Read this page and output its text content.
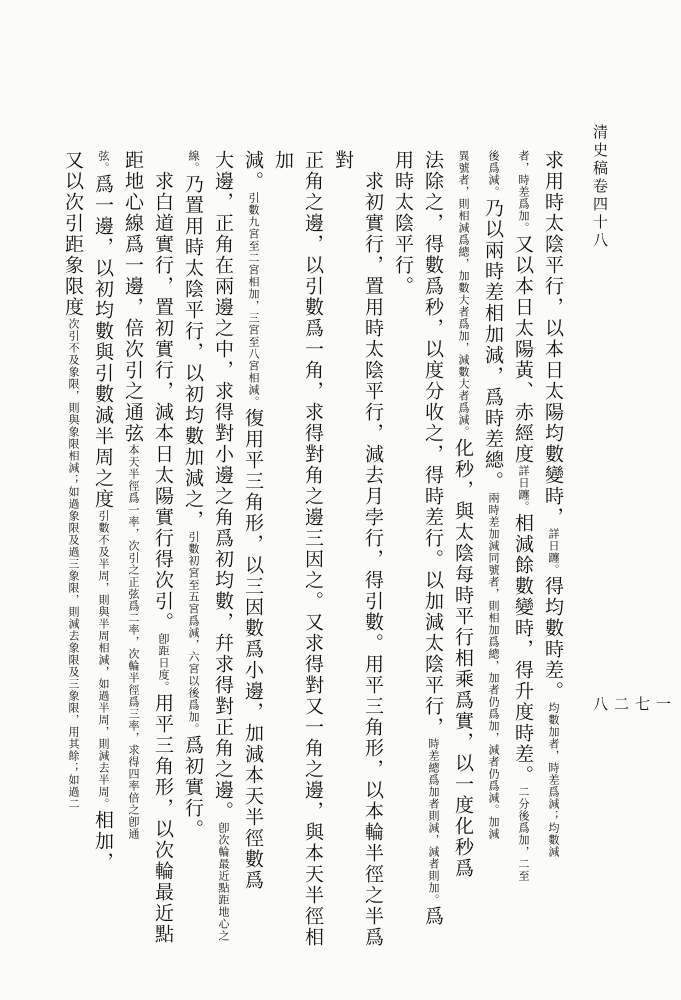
清史稿卷四十八
一七二八
求用時太陰平行，以本日太陽均數變時，詳日躔。得均數時差。均數加者，時差爲減；均數減
者，時差爲加。又以本日太陽黃、赤經度詳日躔。相減餘數變時，得升度時差。二分後爲加，二至
後爲減。乃以兩時差相加減，爲時差總。兩時差加減同號者，則相加爲總，加者仍爲加，減者仍爲減。加減
異號者，則相減爲總，加數大者爲加，減數大者爲減。化秒，與太陰每時平行相乘爲實，以一度化秒爲
法除之，得數爲秒，以度分收之，得時差行。以加減太陰平行，時差總爲加者則減，減者則加。爲
用時太陰平行。
　求初實行，置用時太陰平行，減去月孛行，得引數。用平三角形，以本輪半徑之半爲對
正角之邊，以引數爲一角，求得對角之邊三因之。又求得對又一角之邊，與本天半徑相加
減。引數九宮至二宮相加，三宮至八宮相減。復用平三角形，以三因數爲小邊，加減本天半徑數爲
大邊，正角在兩邊之中，求得對小邊之角爲初均數，幷求得對正角之邊。卽次輪最近點距地心之
線。乃置用時太陰平行，以初均數加減之，引數初宮至五宮爲減，六宮以後爲加。爲初實行。
　求白道實行，置初實行，減本日太陽實行得次引。卽距日度。用平三角形，以次輪最近點
距地心線爲一邊，倍次引之通弦本天半徑爲一率，次引之正弦爲二率，次輪半徑爲三率，求得四率倍之卽通
弦。爲一邊，以初均數與引數減半周之度引數不及半周，則與半周相減，如過半周，則減去半周。相加，
又以次引距象限度次引不及象限，則與象限相減；如過象限及過三象限，則減去象限及三象限，用其餘；如過二
